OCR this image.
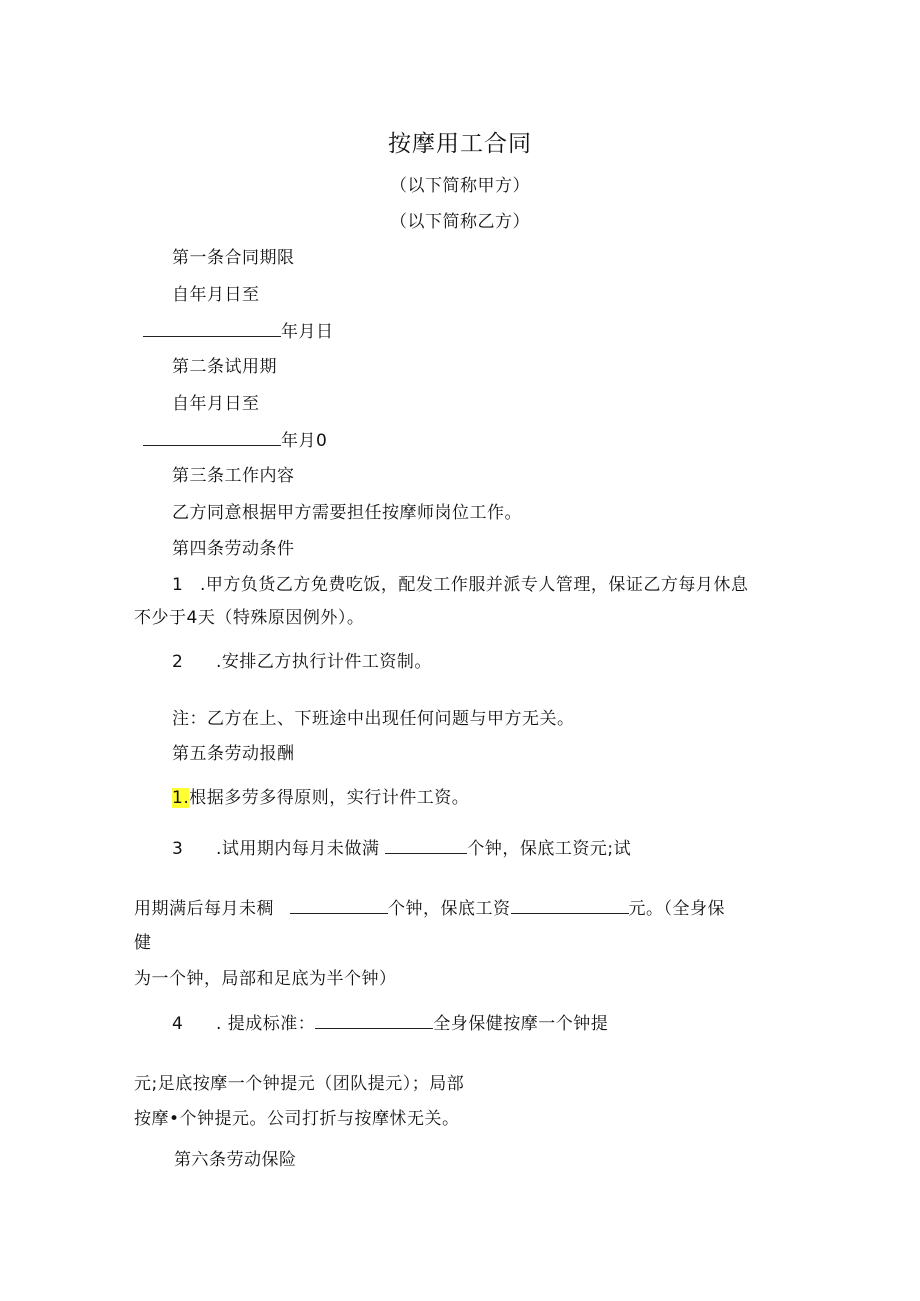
按摩用工合同
（以下简称甲方）
（以下简称乙方）
第一条合同期限
自年月日至
年月日
第二条试用期
自年月日至
年月0
第三条工作内容
乙方同意根据甲方需要担任按摩师岗位工作。
第四条劳动条件
1 .甲方负货乙方免费吃饭，配发工作服并派专人管理，保证乙方每月休息
不少于4天（特殊原因例外）。
2 .安排乙方执行计件工资制。
注：乙方在上、下班途中出现任何问题与甲方无关。
第五条劳动报酬
1.根据多劳多得原则，实行计件工资。
3 .试用期内每月未做满	个钟，保底工资元;试
用期满后每月未稠	个钟，保底工资	元。（全身保
健
为一个钟，局部和足底为半个钟）
4 . 提成标准：	全身保健按摩一个钟提
元;足底按摩一个钟提元（团队提元）；局部
按摩•个钟提元。公司打折与按摩怵无关。
第六条劳动保险
